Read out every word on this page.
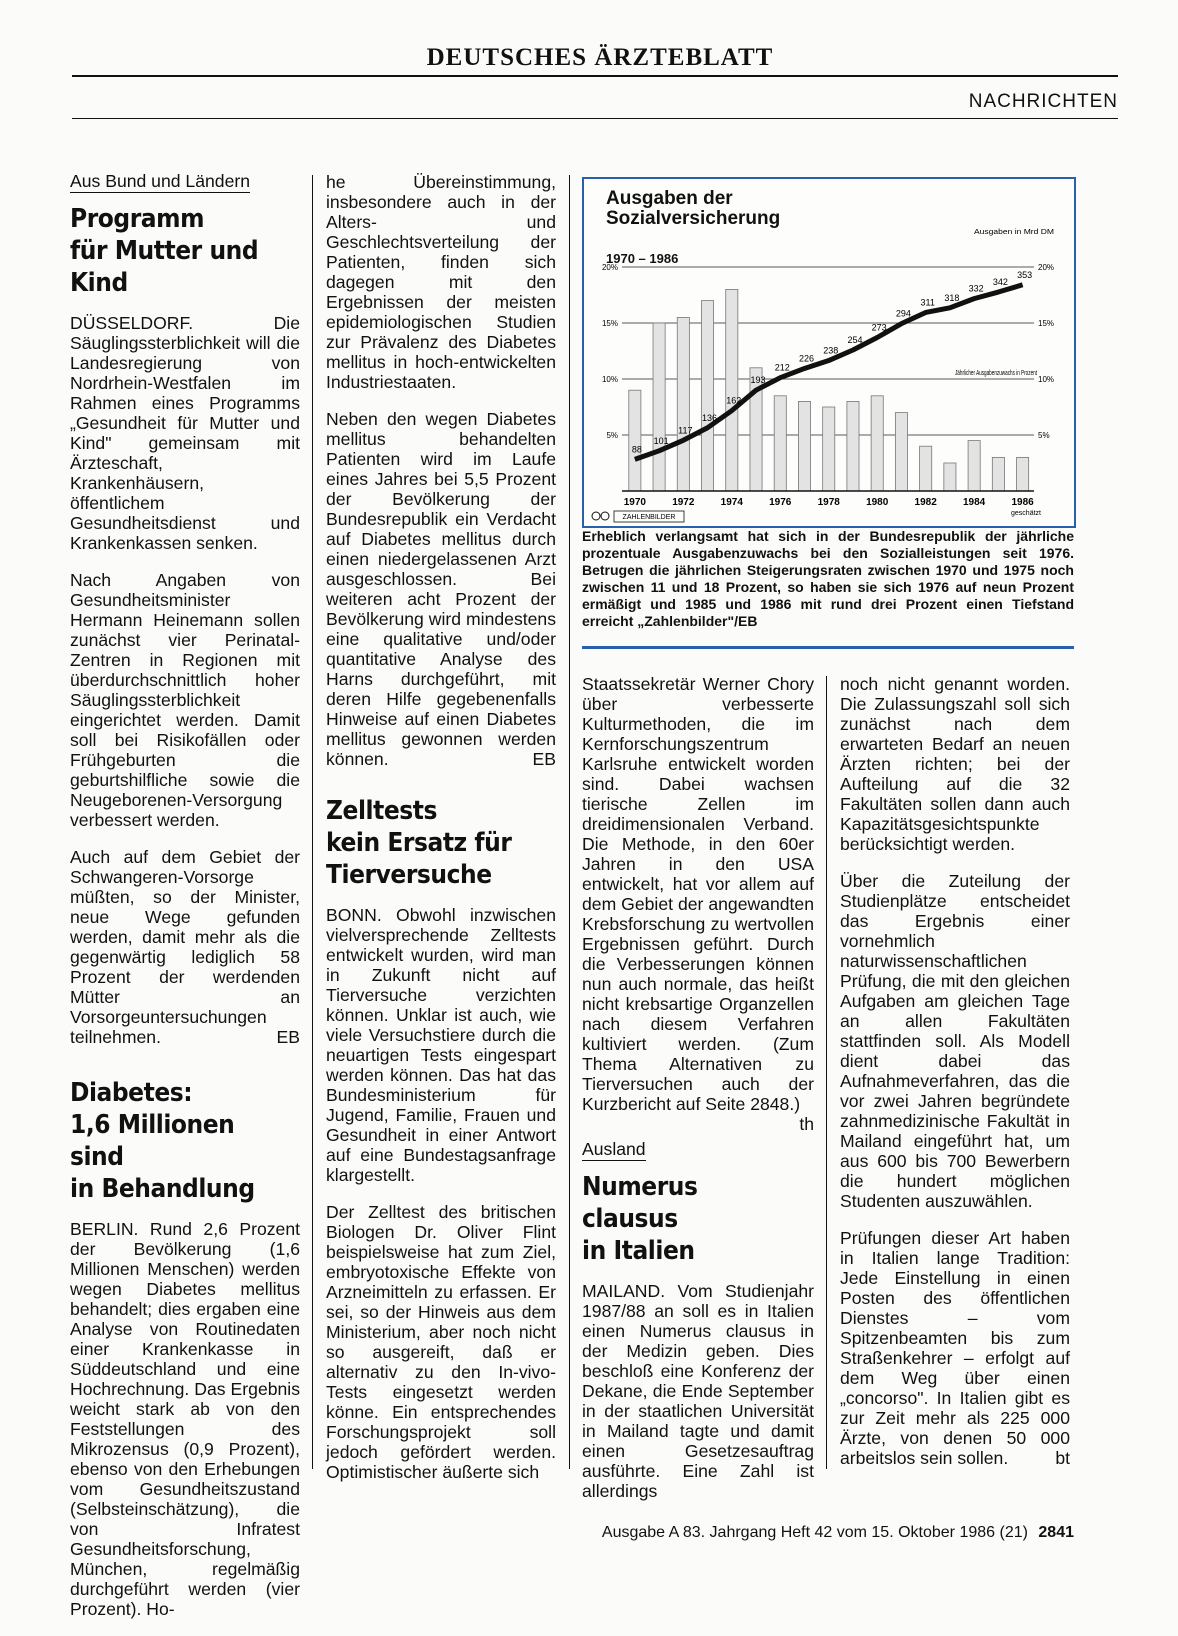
DEUTSCHES ÄRZTEBLATT
NACHRICHTEN
Aus Bund und Ländern
Programm
für Mutter und Kind

DÜSSELDORF. Die Säuglingssterblichkeit will die Landesregierung von Nordrhein-Westfalen im Rahmen eines Programms „Gesundheit für Mutter und Kind" gemeinsam mit Ärzteschaft, Krankenhäusern, öffentlichem Gesundheitsdienst und Krankenkassen senken.

Nach Angaben von Gesundheitsminister Hermann Heinemann sollen zunächst vier Perinatal-Zentren in Regionen mit überdurchschnittlich hoher Säuglingssterblichkeit eingerichtet werden. Damit soll bei Risikofällen oder Frühgeburten die geburtshilfliche sowie die Neugeborenen-Versorgung verbessert werden.

Auch auf dem Gebiet der Schwangeren-Vorsorge müßten, so der Minister, neue Wege gefunden werden, damit mehr als die gegenwärtig lediglich 58 Prozent der werdenden Mütter an Vorsorgeuntersuchungen teilnehmen.	EB

Diabetes:
1,6 Millionen sind
in Behandlung

BERLIN. Rund 2,6 Prozent der Bevölkerung (1,6 Millionen Menschen) werden wegen Diabetes mellitus behandelt; dies ergaben eine Analyse von Routinedaten einer Krankenkasse in Süddeutschland und eine Hochrechnung. Das Ergebnis weicht stark ab von den Feststellungen des Mikrozensus (0,9 Prozent), ebenso von den Erhebungen vom Gesundheitszustand (Selbsteinschätzung), die von Infratest Gesundheitsforschung, München, regelmäßig durchgeführt werden (vier Prozent). Ho-

he Übereinstimmung, insbesondere auch in der Alters- und Geschlechtsverteilung der Patienten, finden sich dagegen mit den Ergebnissen der meisten epidemiologischen Studien zur Prävalenz des Diabetes mellitus in hoch-entwickelten Industriestaaten.

Neben den wegen Diabetes mellitus behandelten Patienten wird im Laufe eines Jahres bei 5,5 Prozent der Bevölkerung der Bundesrepublik ein Verdacht auf Diabetes mellitus durch einen niedergelassenen Arzt ausgeschlossen. Bei weiteren acht Prozent der Bevölkerung wird mindestens eine qualitative und/oder quantitative Analyse des Harns durchgeführt, mit deren Hilfe gegebenenfalls Hinweise auf einen Diabetes mellitus gewonnen werden können.	EB

Zelltests
kein Ersatz für
Tierversuche

BONN. Obwohl inzwischen vielversprechende Zelltests entwickelt wurden, wird man in Zukunft nicht auf Tierversuche verzichten können. Unklar ist auch, wie viele Versuchstiere durch die neuartigen Tests eingespart werden können. Das hat das Bundesministerium für Jugend, Familie, Frauen und Gesundheit in einer Antwort auf eine Bundestagsanfrage klargestellt.

Der Zelltest des britischen Biologen Dr. Oliver Flint beispielsweise hat zum Ziel, embryotoxische Effekte von Arzneimitteln zu erfassen. Er sei, so der Hinweis aus dem Ministerium, aber noch nicht so ausgereift, daß er alternativ zu den In-vivo-Tests eingesetzt werden könne. Ein entsprechendes Forschungsprojekt soll jedoch gefördert werden. Optimistischer äußerte sich

5%	5%
10%	10%
15%	15%
20%	20%
1970	1972	1974	1976	1978	1980	1982	1984	1986
geschätzt
88
101
117
136
162
193
212
226
238
254
273
294
311 318
332
342
353
Ausgaben in Mrd DM
Jährlicher Ausgabenzuwachs in Prozent
ZAHLENBILDER
Ausgaben der Sozialversicherung
1970 – 1986
Erheblich verlangsamt hat sich in der Bundesrepublik der jährliche prozentuale Ausgabenzuwachs bei den Sozialleistungen seit 1976. Betrugen die jährlichen Steigerungsraten zwischen 1970 und 1975 noch zwischen 11 und 18 Prozent, so haben sie sich 1976 auf neun Prozent ermäßigt und 1985 und 1986 mit rund drei Prozent einen Tiefstand erreicht „Zahlenbilder"/EB

Staatssekretär Werner Chory über verbesserte Kulturmethoden, die im Kernforschungszentrum Karlsruhe entwickelt worden sind. Dabei wachsen tierische Zellen im dreidimensionalen Verband. Die Methode, in den 60er Jahren in den USA entwickelt, hat vor allem auf dem Gebiet der angewandten Krebsforschung zu wertvollen Ergebnissen geführt. Durch die Verbesserungen können nun auch normale, das heißt nicht krebsartige Organzellen nach diesem Verfahren kultiviert werden. (Zum Thema Alternativen zu Tierversuchen auch der Kurzbericht auf Seite 2848.)
th

Ausland
Numerus clausus
in Italien

MAILAND. Vom Studienjahr 1987/88 an soll es in Italien einen Numerus clausus in der Medizin geben. Dies beschloß eine Konferenz der Dekane, die Ende September in der staatlichen Universität in Mailand tagte und damit einen Gesetzesauftrag ausführte. Eine Zahl ist allerdings

noch nicht genannt worden. Die Zulassungszahl soll sich zunächst nach dem erwarteten Bedarf an neuen Ärzten richten; bei der Aufteilung auf die 32 Fakultäten sollen dann auch Kapazitätsgesichtspunkte berücksichtigt werden.

Über die Zuteilung der Studienplätze entscheidet das Ergebnis einer vornehmlich naturwissenschaftlichen Prüfung, die mit den gleichen Aufgaben am gleichen Tage an allen Fakultäten stattfinden soll. Als Modell dient dabei das Aufnahmeverfahren, das die vor zwei Jahren begründete zahnmedizinische Fakultät in Mailand eingeführt hat, um aus 600 bis 700 Bewerbern die hundert möglichen Studenten auszuwählen.

Prüfungen dieser Art haben in Italien lange Tradition: Jede Einstellung in einen Posten des öffentlichen Dienstes – vom Spitzenbeamten bis zum Straßenkehrer – erfolgt auf dem Weg über einen „concorso". In Italien gibt es zur Zeit mehr als 225 000 Ärzte, von denen 50 000 arbeitslos sein sollen.	bt

Ausgabe A 83. Jahrgang Heft 42 vom 15. Oktober 1986 (21) 2841
